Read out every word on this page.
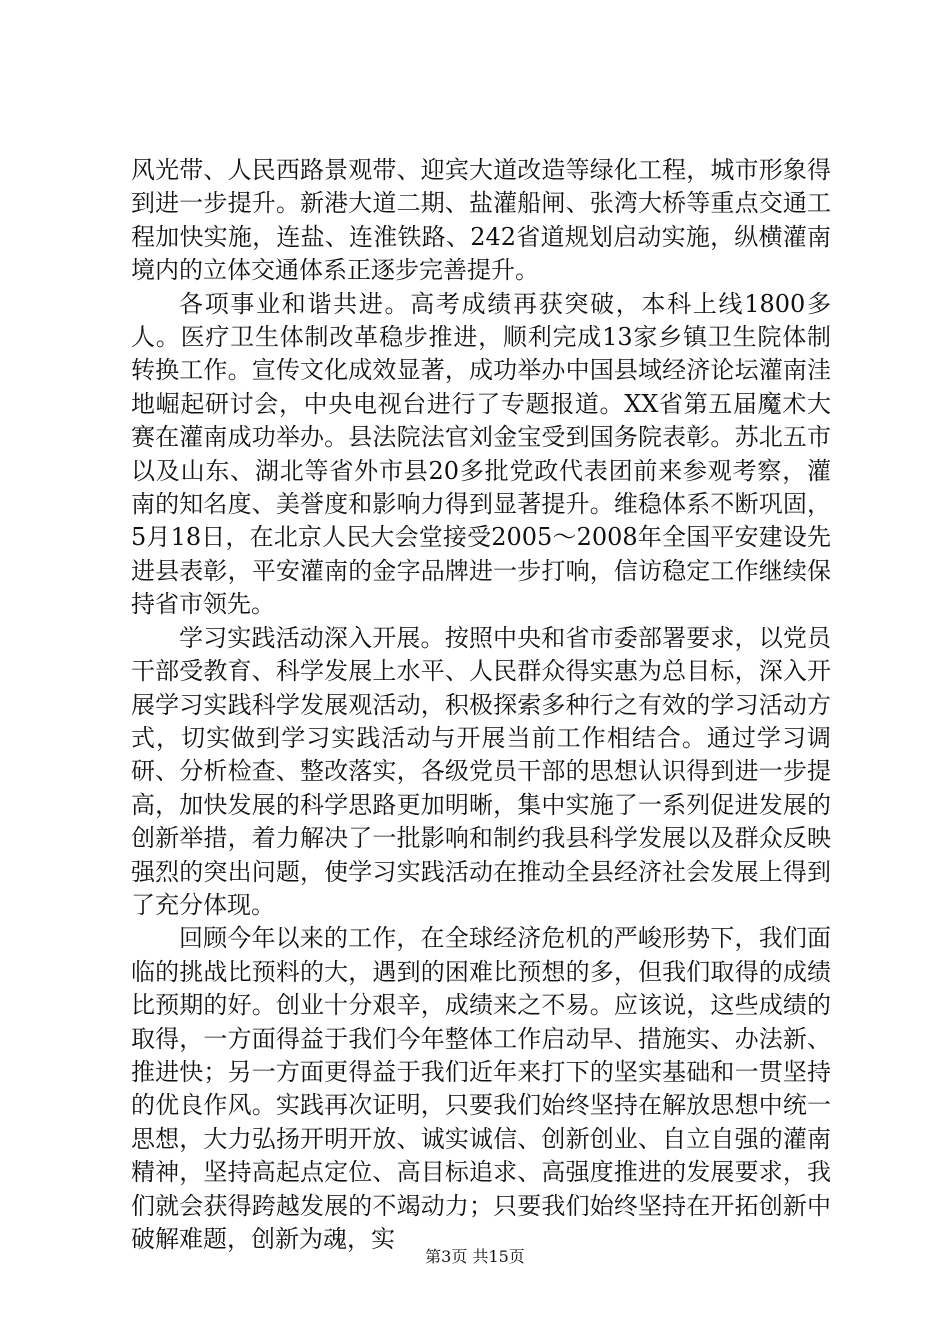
风光带、人民西路景观带、迎宾大道改造等绿化工程，城市形象得到进一步提升。新港大道二期、盐灌船闸、张湾大桥等重点交通工程加快实施，连盐、连淮铁路、242省道规划启动实施，纵横灌南境内的立体交通体系正逐步完善提升。

各项事业和谐共进。高考成绩再获突破，本科上线1800多人。医疗卫生体制改革稳步推进，顺利完成13家乡镇卫生院体制转换工作。宣传文化成效显著，成功举办中国县域经济论坛灌南洼地崛起研讨会，中央电视台进行了专题报道。XX省第五届魔术大赛在灌南成功举办。县法院法官刘金宝受到国务院表彰。苏北五市以及山东、湖北等省外市县20多批党政代表团前来参观考察，灌南的知名度、美誉度和影响力得到显著提升。维稳体系不断巩固，5月18日，在北京人民大会堂接受2005～2008年全国平安建设先进县表彰，平安灌南的金字品牌进一步打响，信访稳定工作继续保持省市领先。

学习实践活动深入开展。按照中央和省市委部署要求，以党员干部受教育、科学发展上水平、人民群众得实惠为总目标，深入开展学习实践科学发展观活动，积极探索多种行之有效的学习活动方式，切实做到学习实践活动与开展当前工作相结合。通过学习调研、分析检查、整改落实，各级党员干部的思想认识得到进一步提高，加快发展的科学思路更加明晰，集中实施了一系列促进发展的创新举措，着力解决了一批影响和制约我县科学发展以及群众反映强烈的突出问题，使学习实践活动在推动全县经济社会发展上得到了充分体现。

回顾今年以来的工作，在全球经济危机的严峻形势下，我们面临的挑战比预料的大，遇到的困难比预想的多，但我们取得的成绩比预期的好。创业十分艰辛，成绩来之不易。应该说，这些成绩的取得，一方面得益于我们今年整体工作启动早、措施实、办法新、推进快；另一方面更得益于我们近年来打下的坚实基础和一贯坚持的优良作风。实践再次证明，只要我们始终坚持在解放思想中统一思想，大力弘扬开明开放、诚实诚信、创新创业、自立自强的灌南精神，坚持高起点定位、高目标追求、高强度推进的发展要求，我们就会获得跨越发展的不竭动力；只要我们始终坚持在开拓创新中破解难题，创新为魂，实

第3页 共15页
